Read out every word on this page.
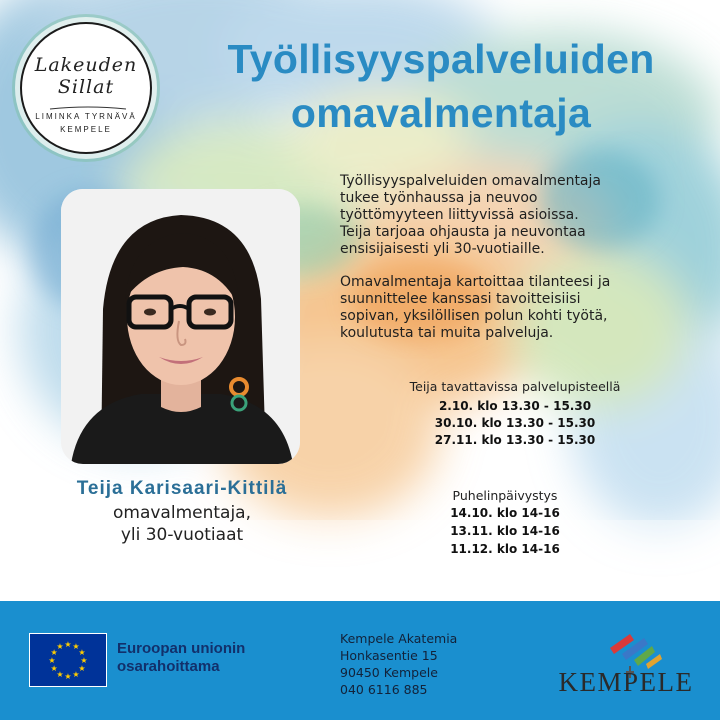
Lakeuden
Sillat
LIMINKA TYRNÄVÄ
KEMPELE
Työllisyyspalveluiden
omavalmentaja
Teija Karisaari-Kittilä
omavalmentaja,
yli 30-vuotiaat
Työllisyyspalveluiden omavalmentaja
tukee työnhaussa ja neuvoo
työttömyyteen liittyvissä asioissa.
Teija tarjoaa ohjausta ja neuvontaa
ensisijaisesti yli 30-vuotiaille.
Omavalmentaja kartoittaa tilanteesi ja
suunnittelee kanssasi tavoitteisiisi
sopivan, yksilöllisen polun kohti työtä,
koulutusta tai muita palveluja.
Teija tavattavissa palvelupisteellä
2.10. klo 13.30 - 15.30
30.10. klo 13.30 - 15.30
27.11. klo 13.30 - 15.30
Puhelinpäivystys
14.10. klo 14-16
13.11. klo 14-16
11.12. klo 14-16
★
★
★
★
★
★
★
★
★ ★ ★
★ Euroopan unionin
osarahoittama
Kempele Akatemia
Honkasentie 15
90450 Kempele
040 6116 885	KEMPELE
